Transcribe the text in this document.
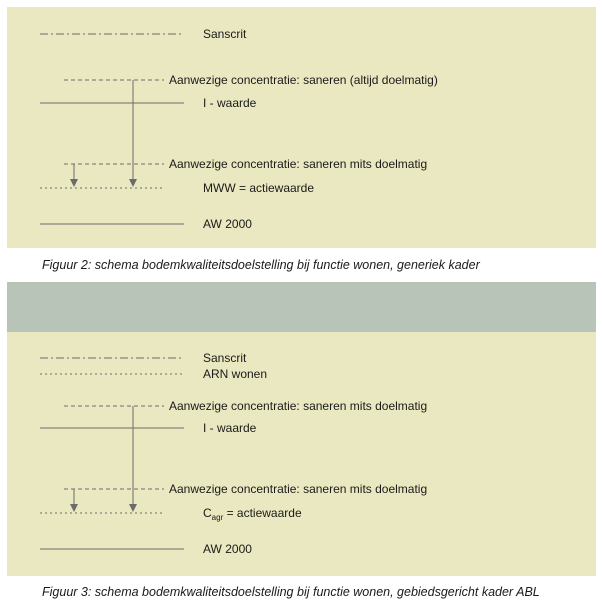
Sanscrit
Aanwezige concentratie: saneren (altijd doelmatig)
I - waarde
Aanwezige concentratie: saneren mits doelmatig
MWW = actiewaarde
AW 2000
Figuur 2: schema bodemkwaliteitsdoelstelling bij functie wonen, generiek kader
Sanscrit
ARN wonen
Aanwezige concentratie: saneren mits doelmatig
I - waarde
Aanwezige concentratie: saneren mits doelmatig
$C_{agr}$ = actiewaarde
AW 2000
Figuur 3: schema bodemkwaliteitsdoelstelling bij functie wonen, gebiedsgericht kader ABL
